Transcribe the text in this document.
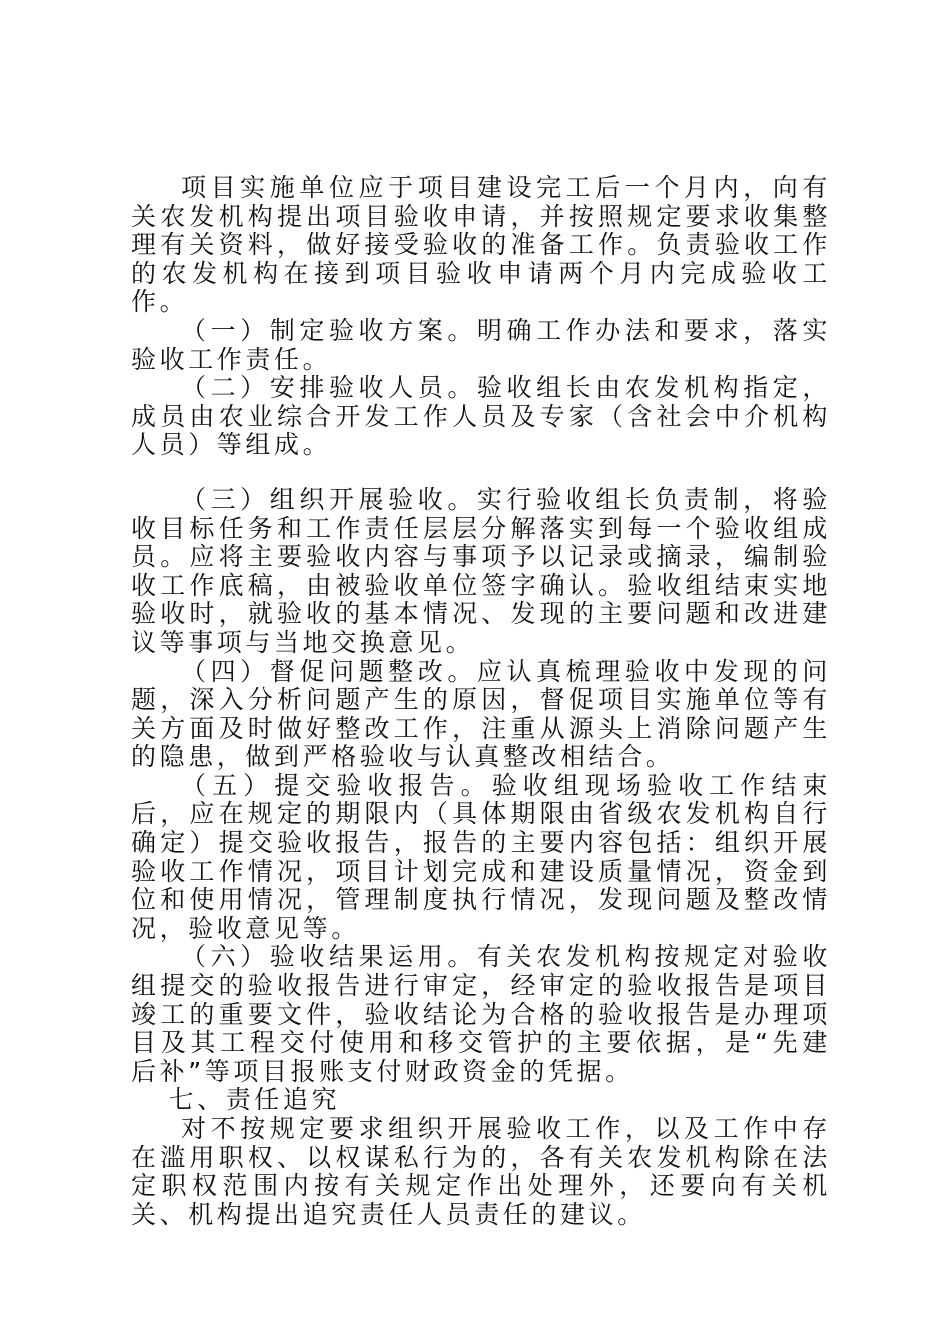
项目实施单位应于项目建设完工后一个月内，向有关农发机构提出项目验收申请，并按照规定要求收集整理有关资料，做好接受验收的准备工作。负责验收工作的农发机构在接到项目验收申请两个月内完成验收工作。

（一）制定验收方案。明确工作办法和要求，落实验收工作责任。

（二）安排验收人员。验收组长由农发机构指定，成员由农业综合开发工作人员及专家（含社会中介机构人员）等组成。

（三）组织开展验收。实行验收组长负责制，将验收目标任务和工作责任层层分解落实到每一个验收组成员。应将主要验收内容与事项予以记录或摘录，编制验收工作底稿，由被验收单位签字确认。验收组结束实地验收时，就验收的基本情况、发现的主要问题和改进建议等事项与当地交换意见。

（四）督促问题整改。应认真梳理验收中发现的问题，深入分析问题产生的原因，督促项目实施单位等有关方面及时做好整改工作，注重从源头上消除问题产生的隐患，做到严格验收与认真整改相结合。

（五）提交验收报告。验收组现场验收工作结束后，应在规定的期限内（具体期限由省级农发机构自行确定）提交验收报告，报告的主要内容包括：组织开展验收工作情况，项目计划完成和建设质量情况，资金到位和使用情况，管理制度执行情况，发现问题及整改情况，验收意见等。

（六）验收结果运用。有关农发机构按规定对验收组提交的验收报告进行审定，经审定的验收报告是项目竣工的重要文件，验收结论为合格的验收报告是办理项目及其工程交付使用和移交管护的主要依据，是“先建后补”等项目报账支付财政资金的凭据。

七、责任追究

对不按规定要求组织开展验收工作，以及工作中存在滥用职权、以权谋私行为的，各有关农发机构除在法定职权范围内按有关规定作出处理外，还要向有关机关、机构提出追究责任人员责任的建议。
